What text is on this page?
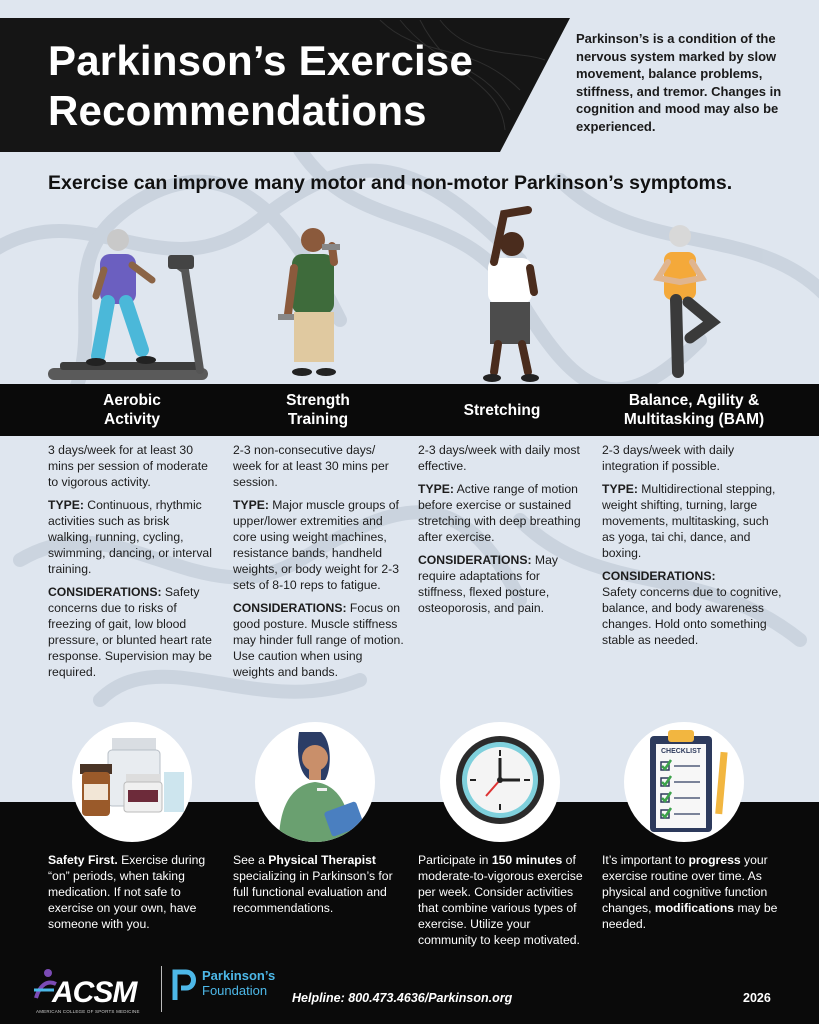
Parkinson’s Exercise
Recommendations
Parkinson’s is a condition of the nervous system marked by slow movement, balance problems, stiffness, and tremor. Changes in cognition and mood may also be experienced.
Exercise can improve many motor and non-motor Parkinson’s symptoms.
Aerobic
Activity
Strength
Training
Stretching
Balance, Agility &
Multitasking (BAM)

3 days/week for at least 30 mins per session of moderate to vigorous activity.

TYPE: Continuous, rhythmic activities such as brisk walking, running, cycling, swimming, dancing, or interval training.

CONSIDERATIONS: Safety concerns due to risks of freezing of gait, low blood pressure, or blunted heart rate response. Supervision may be required.

2-3 non-consecutive days/ week for at least 30 mins per session.

TYPE: Major muscle groups of upper/lower extremities and core using weight machines, resistance bands, handheld weights, or body weight for 2-3 sets of 8-10 reps to fatigue.

CONSIDERATIONS: Focus on good posture. Muscle stiffness may hinder full range of motion. Use caution when using weights and bands.

2-3 days/week with daily most effective.

TYPE: Active range of motion before exercise or sustained stretching with deep breathing after exercise.

CONSIDERATIONS: May require adaptations for stiffness, flexed posture, osteoporosis, and pain.

2-3 days/week with daily integration if possible.

TYPE: Multidirectional stepping, weight shifting, turning, large movements, multitasking, such as yoga, tai chi, dance, and boxing.

CONSIDERATIONS:
Safety concerns due to cognitive, balance, and body awareness changes. Hold onto something stable as needed.

CHECKLIST
Safety First. Exercise during “on” periods, when taking medication. If not safe to exercise on your own, have someone with you.
See a Physical Therapist specializing in Parkinson’s for full functional evaluation and recommendations.
Participate in 150 minutes of moderate-to-vigorous exercise per week. Consider activities that combine various types of exercise. Utilize your community to keep motivated.
It’s important to progress your exercise routine over time. As physical and cognitive function changes, modifications may be needed.
ACSM
AMERICAN COLLEGE OF SPORTS MEDICINE
Parkinson’s
Foundation	Helpline: 800.473.4636/Parkinson.org	2026
